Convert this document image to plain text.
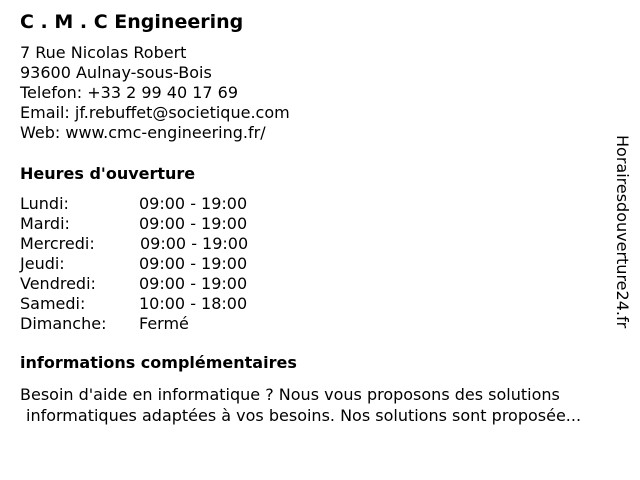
C . M . C Engineering
7 Rue Nicolas Robert
93600 Aulnay-sous-Bois
Telefon: +33 2 99 40 17 69
Email: jf.rebuffet@societique.com
Web: www.cmc-engineering.fr/
Heures d'ouverture
Lundi:	09:00 - 19:00
Mardi:	09:00 - 19:00
Mercredi:	09:00 - 19:00
Jeudi:	09:00 - 19:00
Vendredi:	09:00 - 19:00
Samedi:	10:00 - 18:00
Dimanche: Fermé
informations complémentaires
Besoin d'aide en informatique ? Nous vous proposons des solutions
informatiques adaptées à vos besoins. Nos solutions sont proposée...
Horairesdouverture24.fr
